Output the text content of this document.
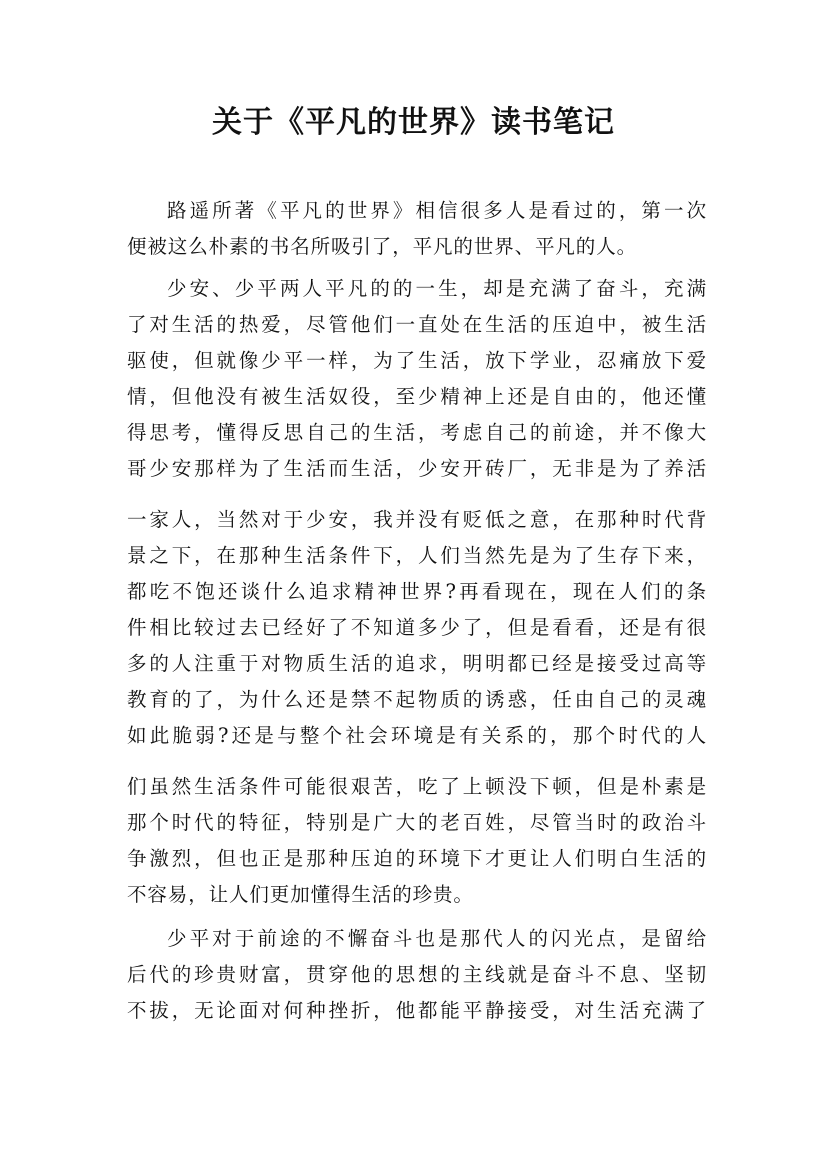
关于《平凡的世界》读书笔记
路遥所著《平凡的世界》相信很多人是看过的，第一次
便被这么朴素的书名所吸引了，平凡的世界、平凡的人。
少安、少平两人平凡的的一生，却是充满了奋斗，充满
了对生活的热爱，尽管他们一直处在生活的压迫中，被生活
驱使，但就像少平一样，为了生活，放下学业，忍痛放下爱
情，但他没有被生活奴役，至少精神上还是自由的，他还懂
得思考，懂得反思自己的生活，考虑自己的前途，并不像大
哥少安那样为了生活而生活，少安开砖厂，无非是为了养活
一家人，当然对于少安，我并没有贬低之意，在那种时代背
景之下，在那种生活条件下，人们当然先是为了生存下来，
都吃不饱还谈什么追求精神世界?再看现在，现在人们的条
件相比较过去已经好了不知道多少了，但是看看，还是有很
多的人注重于对物质生活的追求，明明都已经是接受过高等
教育的了，为什么还是禁不起物质的诱惑，任由自己的灵魂
如此脆弱?还是与整个社会环境是有关系的，那个时代的人
们虽然生活条件可能很艰苦，吃了上顿没下顿，但是朴素是
那个时代的特征，特别是广大的老百姓，尽管当时的政治斗
争激烈，但也正是那种压迫的环境下才更让人们明白生活的
不容易，让人们更加懂得生活的珍贵。
少平对于前途的不懈奋斗也是那代人的闪光点，是留给
后代的珍贵财富，贯穿他的思想的主线就是奋斗不息、坚韧
不拔，无论面对何种挫折，他都能平静接受，对生活充满了
